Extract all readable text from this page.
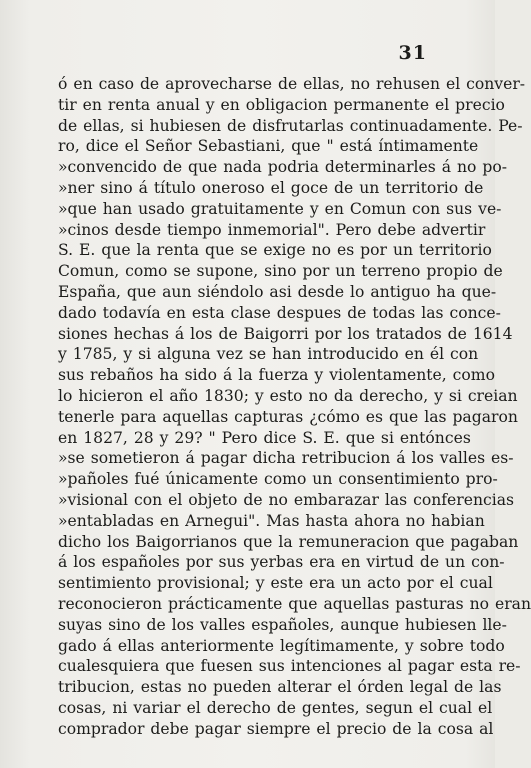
31
ó en caso de aprovecharse de ellas, no rehusen el conver-
tir en renta anual y en obligacion permanente el precio
de ellas, si hubiesen de disfrutarlas continuadamente. Pe-
ro, dice el Señor Sebastiani, que " está íntimamente
»convencido de que nada podria determinarles á no po-
»ner sino á título oneroso el goce de un territorio de
»que han usado gratuitamente y en Comun con sus ve-
»cinos desde tiempo inmemorial". Pero debe advertir
S. E. que la renta que se exige no es por un territorio
Comun, como se supone, sino por un terreno propio de
España, que aun siéndolo asi desde lo antiguo ha que-
dado todavía en esta clase despues de todas las conce-
siones hechas á los de Baigorri por los tratados de 1614
y 1785, y si alguna vez se han introducido en él con
sus rebaños ha sido á la fuerza y violentamente, como
lo hicieron el año 1830; y esto no da derecho, y si creian
tenerle para aquellas capturas ¿cómo es que las pagaron
en 1827, 28 y 29? " Pero dice S. E. que si entónces
»se sometieron á pagar dicha retribucion á los valles es-
»pañoles fué únicamente como un consentimiento pro-
»visional con el objeto de no embarazar las conferencias
»entabladas en Arnegui". Mas hasta ahora no habian
dicho los Baigorrianos que la remuneracion que pagaban
á los españoles por sus yerbas era en virtud de un con-
sentimiento provisional; y este era un acto por el cual
reconocieron prácticamente que aquellas pasturas no eran
suyas sino de los valles españoles, aunque hubiesen lle-
gado á ellas anteriormente legítimamente, y sobre todo
cualesquiera que fuesen sus intenciones al pagar esta re-
tribucion, estas no pueden alterar el órden legal de las
cosas, ni variar el derecho de gentes, segun el cual el
comprador debe pagar siempre el precio de la cosa al
